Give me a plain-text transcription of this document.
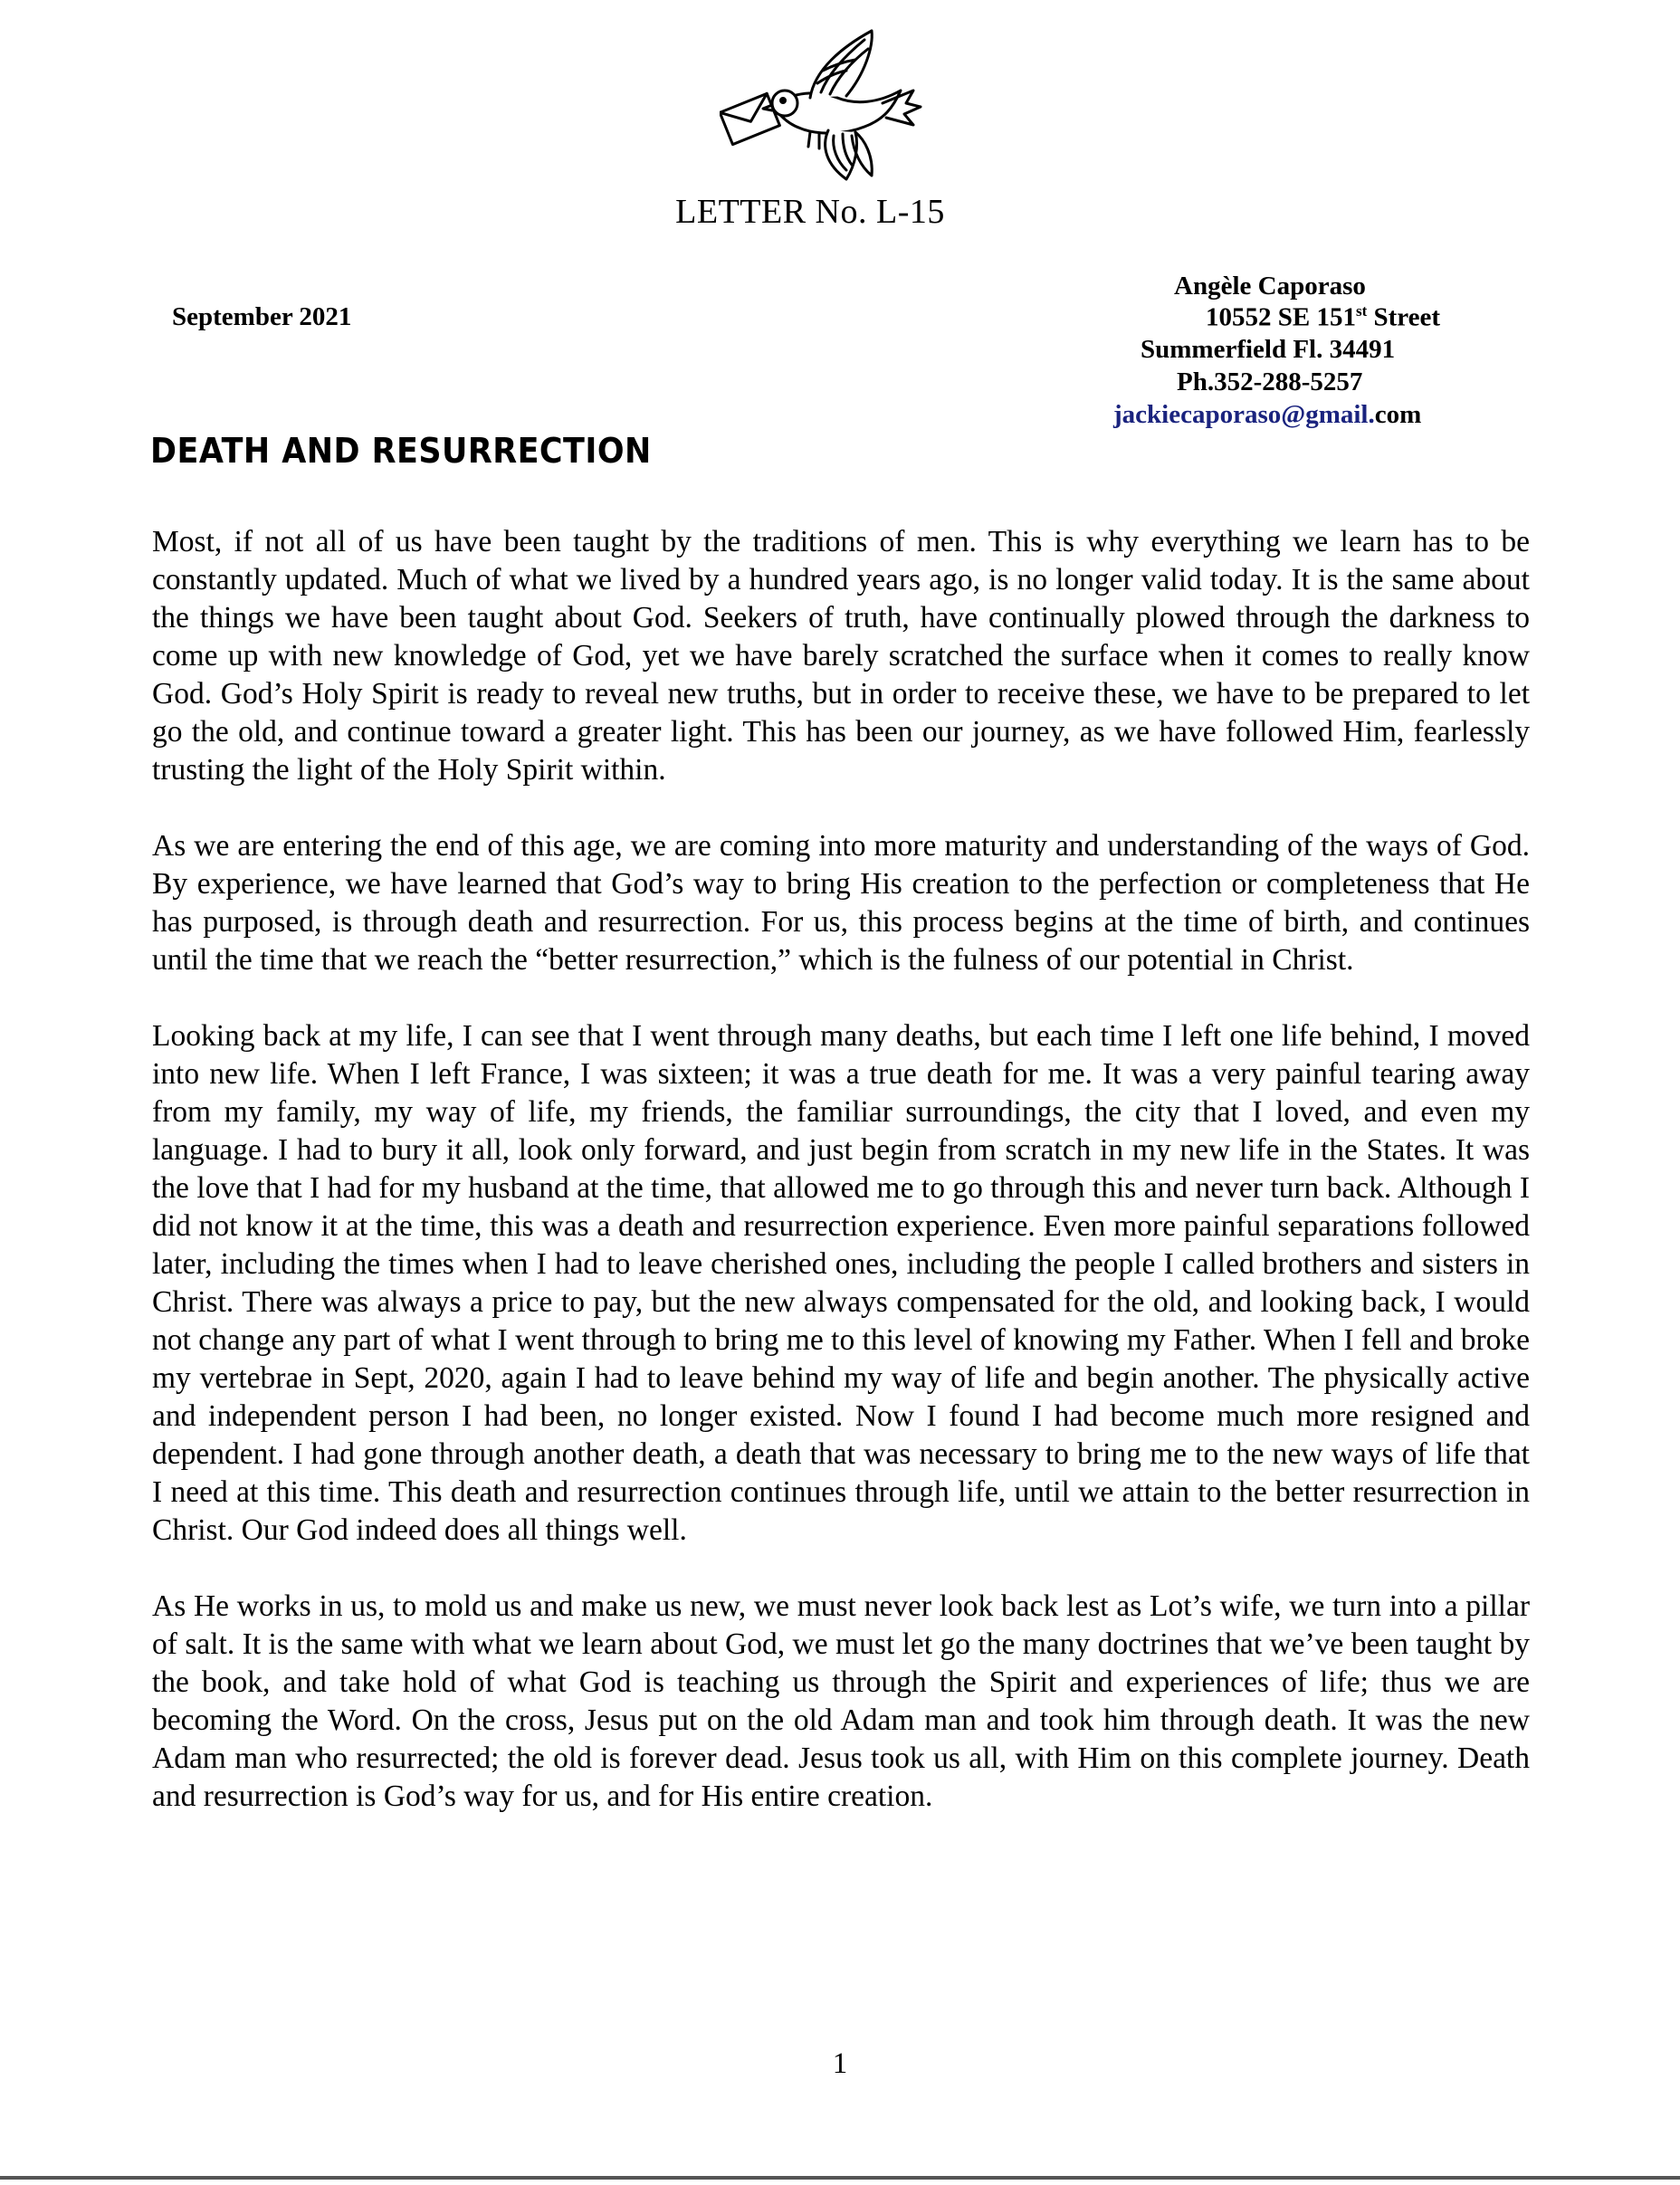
LETTER No. L-15
September 2021
Angèle Caporaso
10552 SE 151st Street
Summerfield Fl. 34491
Ph.352-288-5257
jackiecaporaso@gmail.com
DEATH AND RESURRECTION

Most, if not all of us have been taught by the traditions of men. This is why everything we learn has to be constantly updated. Much of what we lived by a hundred years ago, is no longer valid today. It is the same about the things we have been taught about God. Seekers of truth, have continually plowed through the darkness to come up with new knowledge of God, yet we have barely scratched the surface when it comes to really know God. God’s Holy Spirit is ready to reveal new truths, but in order to receive these, we have to be prepared to let go the old, and continue toward a greater light. This has been our journey, as we have followed Him, fearlessly trusting the light of the Holy Spirit within.

As we are entering the end of this age, we are coming into more maturity and understanding of the ways of God. By experience, we have learned that God’s way to bring His creation to the perfection or completeness that He has purposed, is through death and resurrection. For us, this process begins at the time of birth, and continues until the time that we reach the “better resurrection,” which is the fulness of our potential in Christ.

Looking back at my life, I can see that I went through many deaths, but each time I left one life behind, I moved into new life. When I left France, I was sixteen; it was a true death for me. It was a very painful tearing away from my family, my way of life, my friends, the familiar surroundings, the city that I loved, and even my language. I had to bury it all, look only forward, and just begin from scratch in my new life in the States. It was the love that I had for my husband at the time, that allowed me to go through this and never turn back. Although I did not know it at the time, this was a death and resurrection experience. Even more painful separations followed later, including the times when I had to leave cherished ones, including the people I called brothers and sisters in Christ. There was always a price to pay, but the new always compensated for the old, and looking back, I would not change any part of what I went through to bring me to this level of knowing my Father. When I fell and broke my vertebrae in Sept, 2020, again I had to leave behind my way of life and begin another. The physically active and independent person I had been, no longer existed. Now I found I had become much more resigned and dependent. I had gone through another death, a death that was necessary to bring me to the new ways of life that I need at this time. This death and resurrection continues through life, until we attain to the better resurrection in Christ. Our God indeed does all things well.

As He works in us, to mold us and make us new, we must never look back lest as Lot’s wife, we turn into a pillar of salt. It is the same with what we learn about God, we must let go the many doctrines that we’ve been taught by the book, and take hold of what God is teaching us through the Spirit and experiences of life; thus we are becoming the Word. On the cross, Jesus put on the old Adam man and took him through death. It was the new Adam man who resurrected; the old is forever dead. Jesus took us all, with Him on this complete journey. Death and resurrection is God’s way for us, and for His entire creation.

1
